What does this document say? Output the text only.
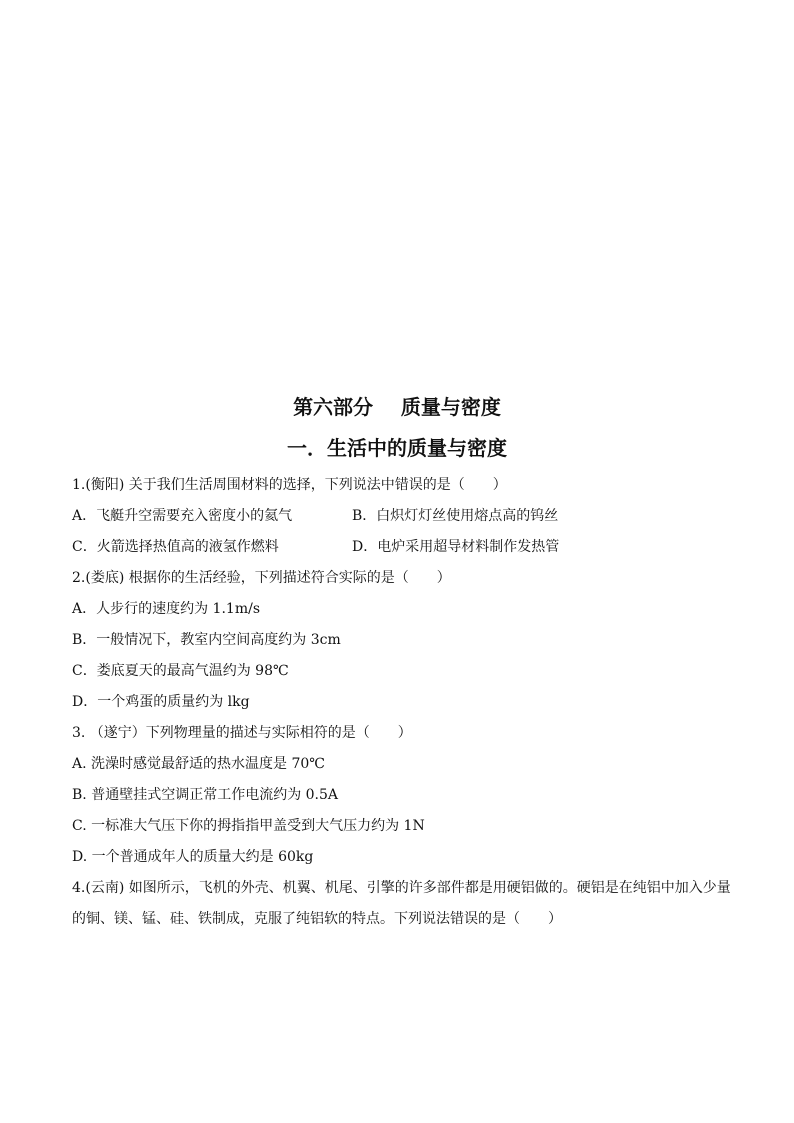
第六部分    质量与密度
一．生活中的质量与密度
1.(衡阳) 关于我们生活周围材料的选择，下列说法中错误的是（　　）
A．飞艇升空需要充入密度小的氦气	B．白炽灯灯丝使用熔点高的钨丝
C．火箭选择热值高的液氢作燃料	D．电炉采用超导材料制作发热管
2.(娄底) 根据你的生活经验，下列描述符合实际的是（　　）
A．人步行的速度约为 1.1m/s
B．一般情况下，教室内空间高度约为 3cm
C．娄底夏天的最高气温约为 98℃
D．一个鸡蛋的质量约为 lkg
3. （遂宁）下列物理量的描述与实际相符的是（　　）
A. 洗澡时感觉最舒适的热水温度是 70℃
B. 普通壁挂式空调正常工作电流约为 0.5A
C. 一标准大气压下你的拇指指甲盖受到大气压力约为 1N
D. 一个普通成年人的质量大约是 60kg
4.(云南) 如图所示，飞机的外壳、机翼、机尾、引擎的许多部件都是用硬铝做的。硬铝是在纯铝中加入少量的铜、镁、锰、硅、铁制成，克服了纯铝软的特点。下列说法错误的是（　　）
